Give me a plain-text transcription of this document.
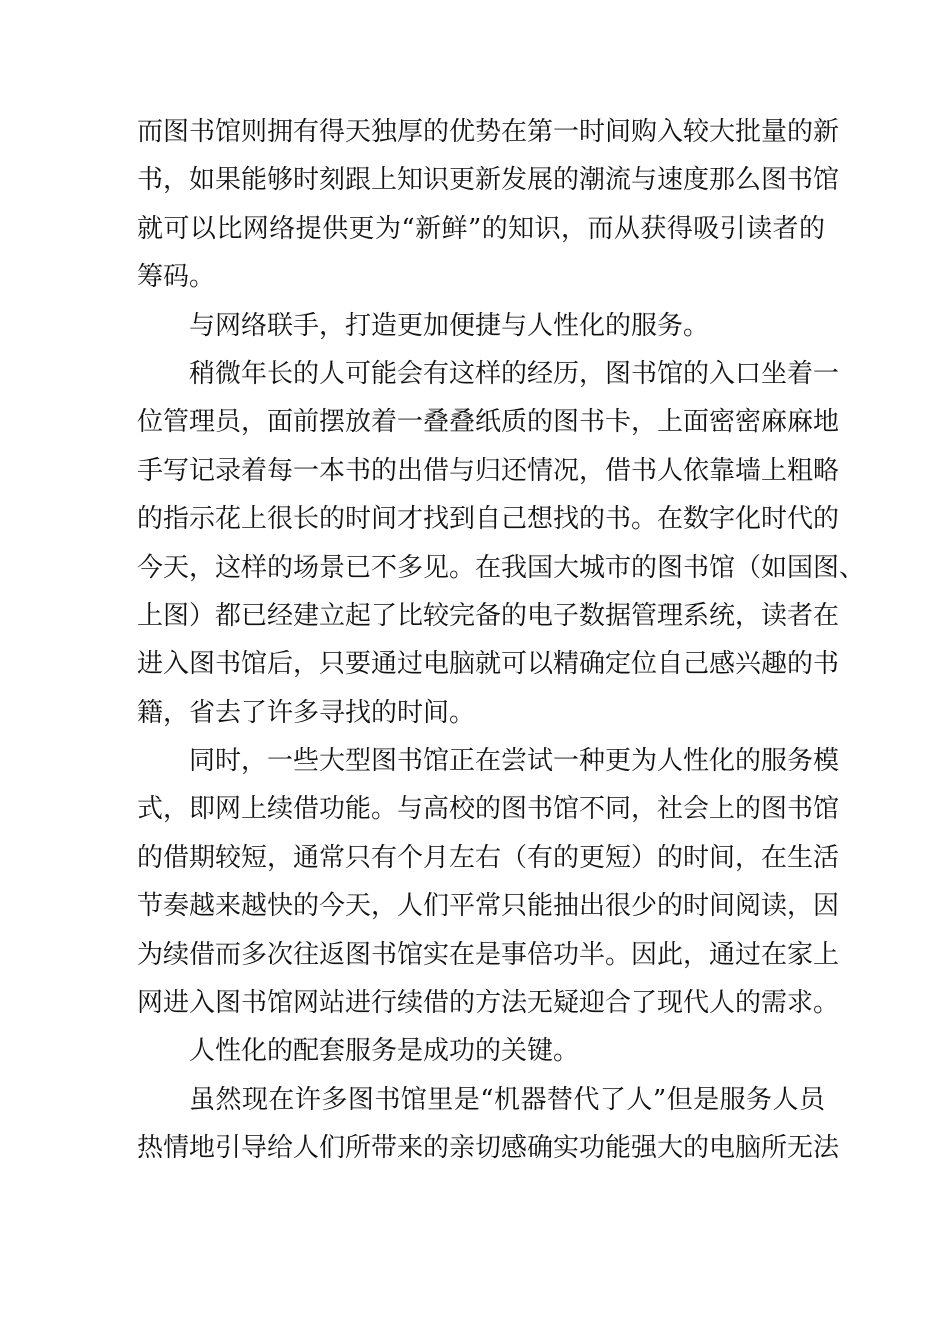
而图书馆则拥有得天独厚的优势在第一时间购入较大批量的新
书，如果能够时刻跟上知识更新发展的潮流与速度那么图书馆
就可以比网络提供更为“新鲜”的知识，而从获得吸引读者的
筹码。
与网络联手，打造更加便捷与人性化的服务。
稍微年长的人可能会有这样的经历，图书馆的入口坐着一
位管理员，面前摆放着一叠叠纸质的图书卡，上面密密麻麻地
手写记录着每一本书的出借与归还情况，借书人依靠墙上粗略
的指示花上很长的时间才找到自己想找的书。在数字化时代的
今天，这样的场景已不多见。在我国大城市的图书馆（如国图、
上图）都已经建立起了比较完备的电子数据管理系统，读者在
进入图书馆后，只要通过电脑就可以精确定位自己感兴趣的书
籍，省去了许多寻找的时间。
同时，一些大型图书馆正在尝试一种更为人性化的服务模
式，即网上续借功能。与高校的图书馆不同，社会上的图书馆
的借期较短，通常只有个月左右（有的更短）的时间，在生活
节奏越来越快的今天，人们平常只能抽出很少的时间阅读，因
为续借而多次往返图书馆实在是事倍功半。因此，通过在家上
网进入图书馆网站进行续借的方法无疑迎合了现代人的需求。
人性化的配套服务是成功的关键。
虽然现在许多图书馆里是“机器替代了人”但是服务人员
热情地引导给人们所带来的亲切感确实功能强大的电脑所无法
